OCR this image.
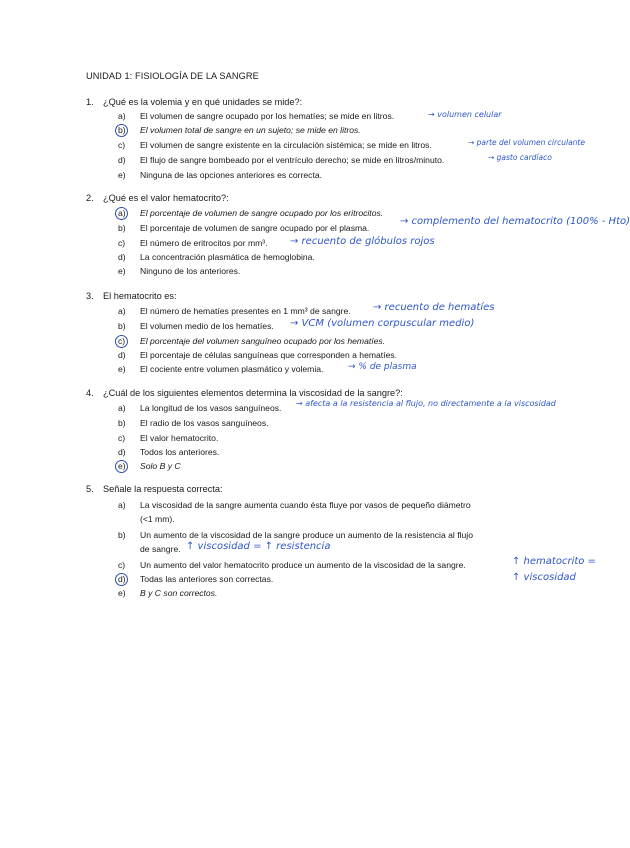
UNIDAD 1: FISIOLOGÍA DE LA SANGRE
1. ¿Qué es la volemia y en qué unidades se mide?:
a)	El volumen de sangre ocupado por los hematíes; se mide en litros.
b)	El volumen total de sangre en un sujeto; se mide en litros.
c)	El volumen de sangre existente en la circulación sistémica; se mide en litros.
d)	El flujo de sangre bombeado por el ventrículo derecho; se mide en litros/minuto.
e)	Ninguna de las opciones anteriores es correcta.
→ volumen celular
→ parte del volumen circulante
→ gasto cardíaco
2. ¿Qué es el valor hematocrito?:
a)	El porcentaje de volumen de sangre ocupado por los eritrocitos.
b)	El porcentaje de volumen de sangre ocupado por el plasma.
c)	El número de eritrocitos por mm³.
d)	La concentración plasmática de hemoglobina.
e)	Ninguno de los anteriores.
→ complemento del hematocrito (100% - Hto)
→ recuento de glóbulos rojos
3. El hematocrito es:
a)	El número de hematíes presentes en 1 mm³ de sangre.
b)	El volumen medio de los hematíes.
c)	El porcentaje del volumen sanguíneo ocupado por los hematíes.
d)	El porcentaje de células sanguíneas que corresponden a hematíes.
e)	El cociente entre volumen plasmático y volemia.
→ recuento de hematíes
→ VCM (volumen corpuscular medio)
→ % de plasma
4. ¿Cuál de los siguientes elementos determina la viscosidad de la sangre?:
a)	La longitud de los vasos sanguíneos.
b)	El radio de los vasos sanguíneos.
c)	El valor hematocrito.
d)	Todos los anteriores.
e)	Solo B y C
→ afecta a la resistencia al flujo, no directamente a la viscosidad
5. Señale la respuesta correcta:
a)	La viscosidad de la sangre aumenta cuando ésta fluye por vasos de pequeño diámetro
(<1 mm).
b)	Un aumento de la viscosidad de la sangre produce un aumento de la resistencia al flujo
de sangre.
c)	Un aumento del valor hematocrito produce un aumento de la viscosidad de la sangre.
d)	Todas las anteriores son correctas.
e)	B y C son correctos.
↑ viscosidad = ↑ resistencia
↑ hematocrito =
↑ viscosidad
